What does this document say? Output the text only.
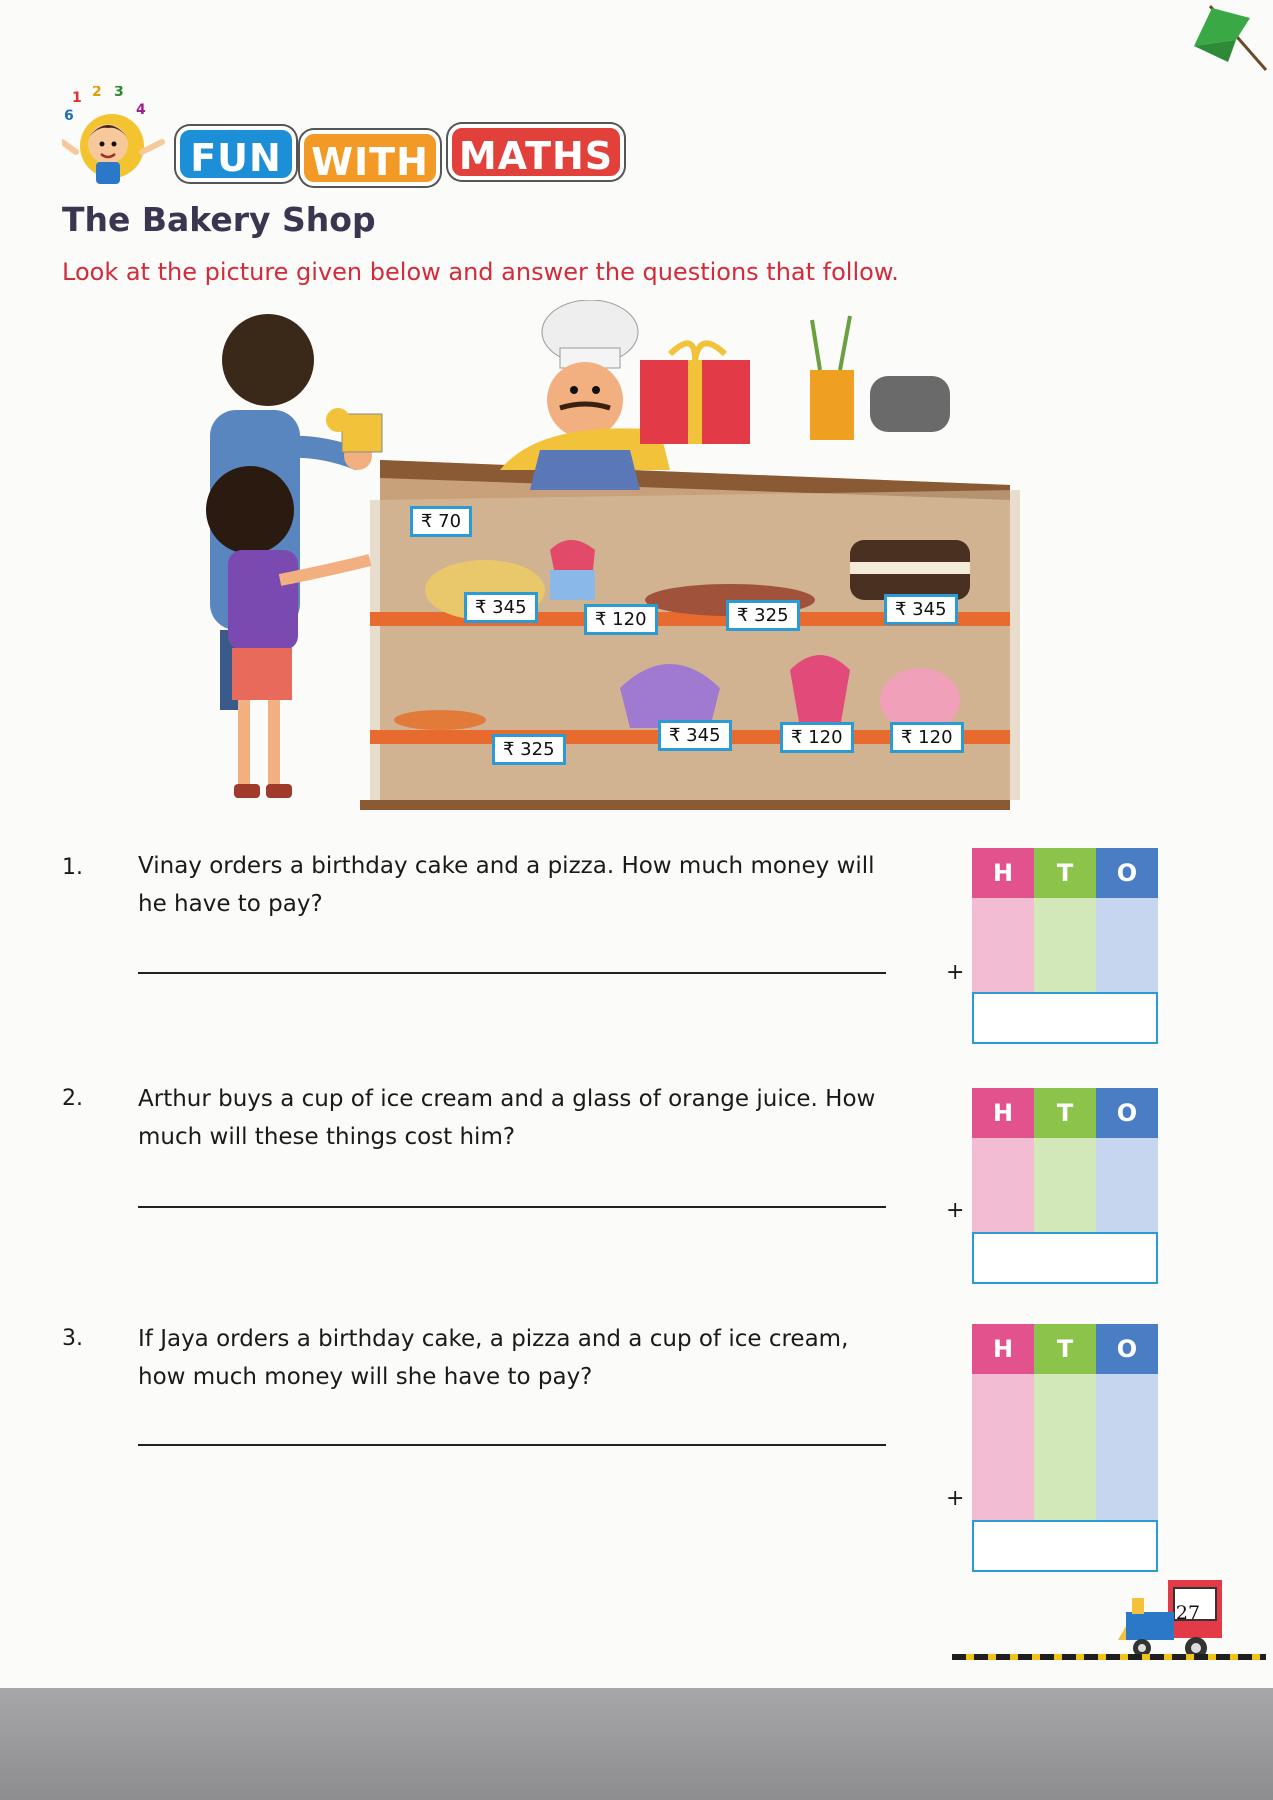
1 2 3
6	4
FUN WITH MATHS
The Bakery Shop
Look at the picture given below and answer the questions that follow.
₹ 70
₹ 345
₹ 120	₹ 325	₹ 345
₹ 345	₹ 120	₹ 120
₹ 325
1. Vinay orders a birthday cake and a pizza. How much money will he have to pay?
+
H	T	O
2. Arthur buys a cup of ice cream and a glass of orange juice. How much will these things cost him?
+
H	T	O
3. If Jaya orders a birthday cake, a pizza and a cup of ice cream, how much money will she have to pay?
+
H	T	O
27
